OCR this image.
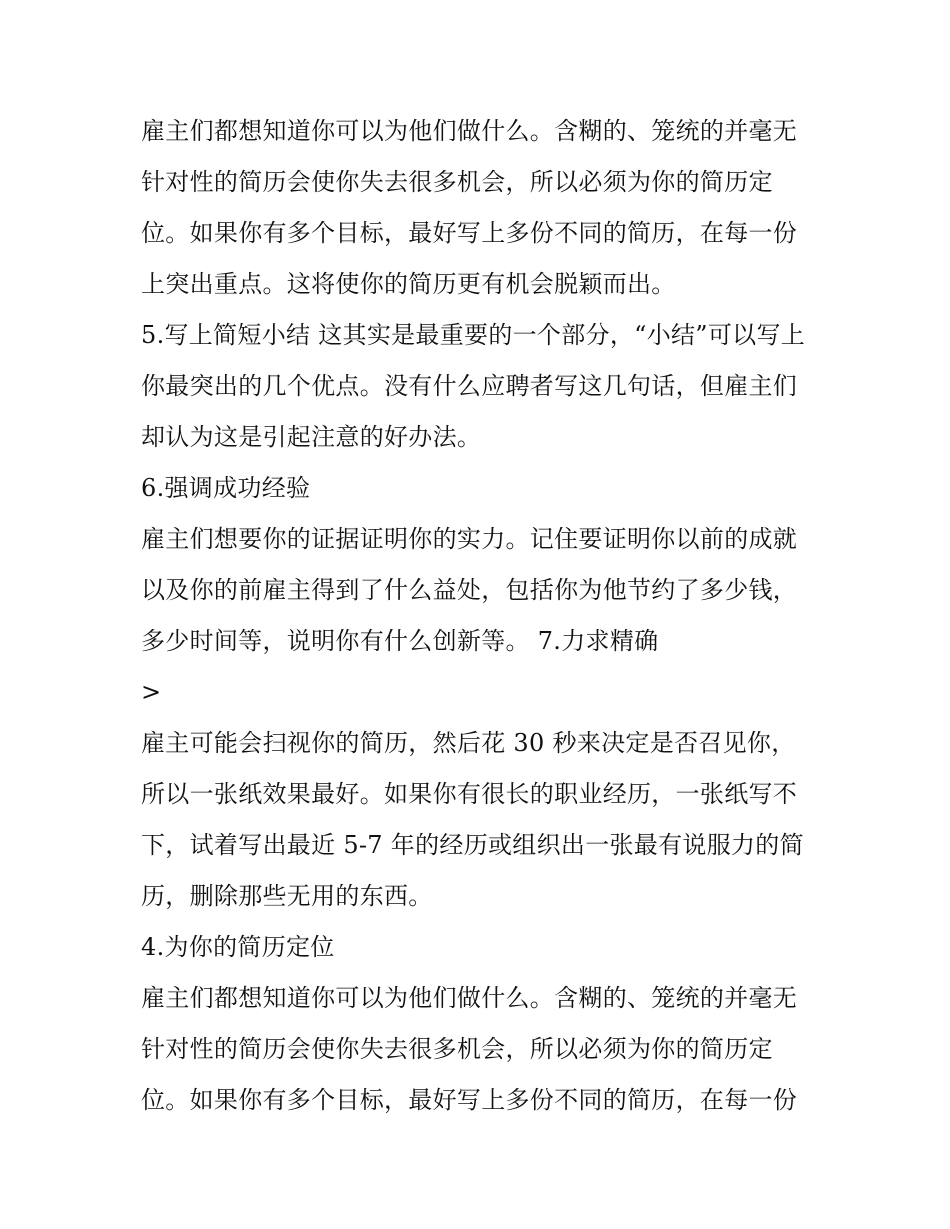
雇主们都想知道你可以为他们做什么。含糊的、笼统的并毫无
针对性的简历会使你失去很多机会，所以必须为你的简历定
位。如果你有多个目标，最好写上多份不同的简历，在每一份
上突出重点。这将使你的简历更有机会脱颖而出。
5.写上简短小结 这其实是最重要的一个部分，“小结”可以写上
你最突出的几个优点。没有什么应聘者写这几句话，但雇主们
却认为这是引起注意的好办法。
6.强调成功经验
雇主们想要你的证据证明你的实力。记住要证明你以前的成就
以及你的前雇主得到了什么益处，包括你为他节约了多少钱，
多少时间等，说明你有什么创新等。 7.力求精确
>
雇主可能会扫视你的简历，然后花 30 秒来决定是否召见你，
所以一张纸效果最好。如果你有很长的职业经历，一张纸写不
下，试着写出最近 5-7 年的经历或组织出一张最有说服力的简
历，删除那些无用的东西。
4.为你的简历定位
雇主们都想知道你可以为他们做什么。含糊的、笼统的并毫无
针对性的简历会使你失去很多机会，所以必须为你的简历定
位。如果你有多个目标，最好写上多份不同的简历，在每一份
